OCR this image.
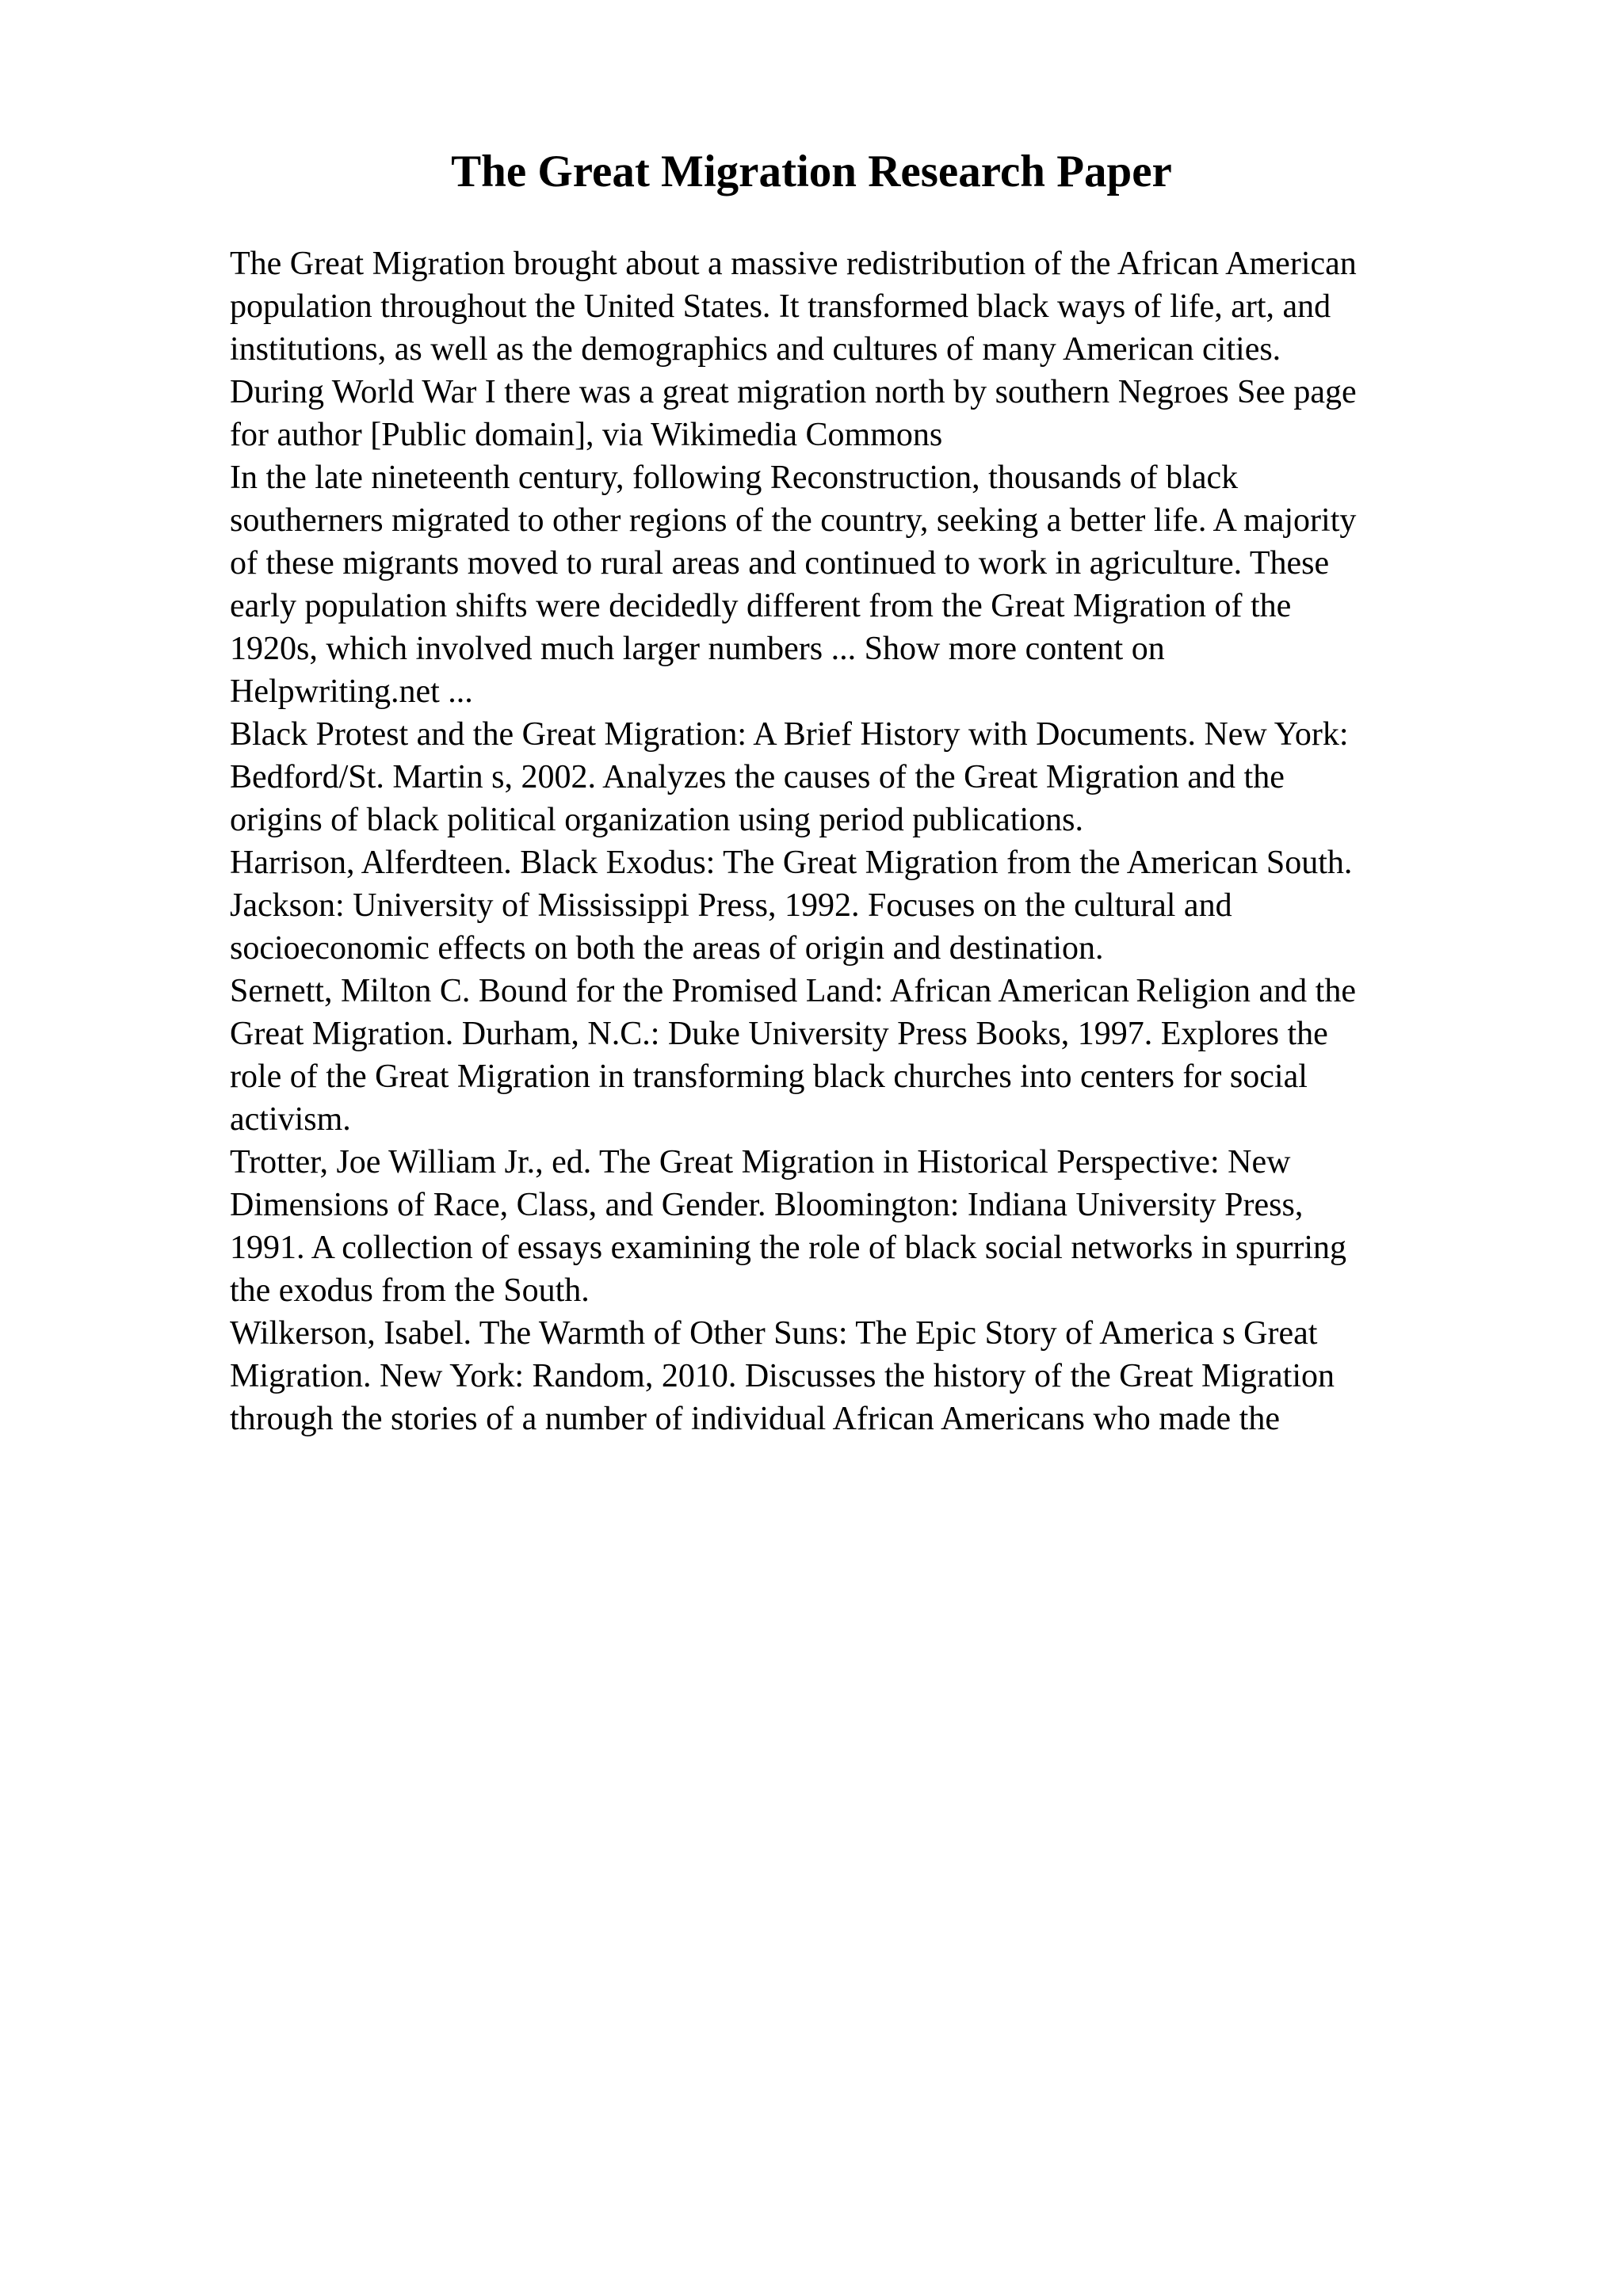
The Great Migration Research Paper
The Great Migration brought about a massive redistribution of the African American
population throughout the United States. It transformed black ways of life, art, and
institutions, as well as the demographics and cultures of many American cities.
During World War I there was a great migration north by southern Negroes See page
for author [Public domain], via Wikimedia Commons
In the late nineteenth century, following Reconstruction, thousands of black
southerners migrated to other regions of the country, seeking a better life. A majority
of these migrants moved to rural areas and continued to work in agriculture. These
early population shifts were decidedly different from the Great Migration of the
1920s, which involved much larger numbers ... Show more content on
Helpwriting.net ...
Black Protest and the Great Migration: A Brief History with Documents. New York:
Bedford/St. Martin s, 2002. Analyzes the causes of the Great Migration and the
origins of black political organization using period publications.
Harrison, Alferdteen. Black Exodus: The Great Migration from the American South.
Jackson: University of Mississippi Press, 1992. Focuses on the cultural and
socioeconomic effects on both the areas of origin and destination.
Sernett, Milton C. Bound for the Promised Land: African American Religion and the
Great Migration. Durham, N.C.: Duke University Press Books, 1997. Explores the
role of the Great Migration in transforming black churches into centers for social
activism.
Trotter, Joe William Jr., ed. The Great Migration in Historical Perspective: New
Dimensions of Race, Class, and Gender. Bloomington: Indiana University Press,
1991. A collection of essays examining the role of black social networks in spurring
the exodus from the South.
Wilkerson, Isabel. The Warmth of Other Suns: The Epic Story of America s Great
Migration. New York: Random, 2010. Discusses the history of the Great Migration
through the stories of a number of individual African Americans who made the
